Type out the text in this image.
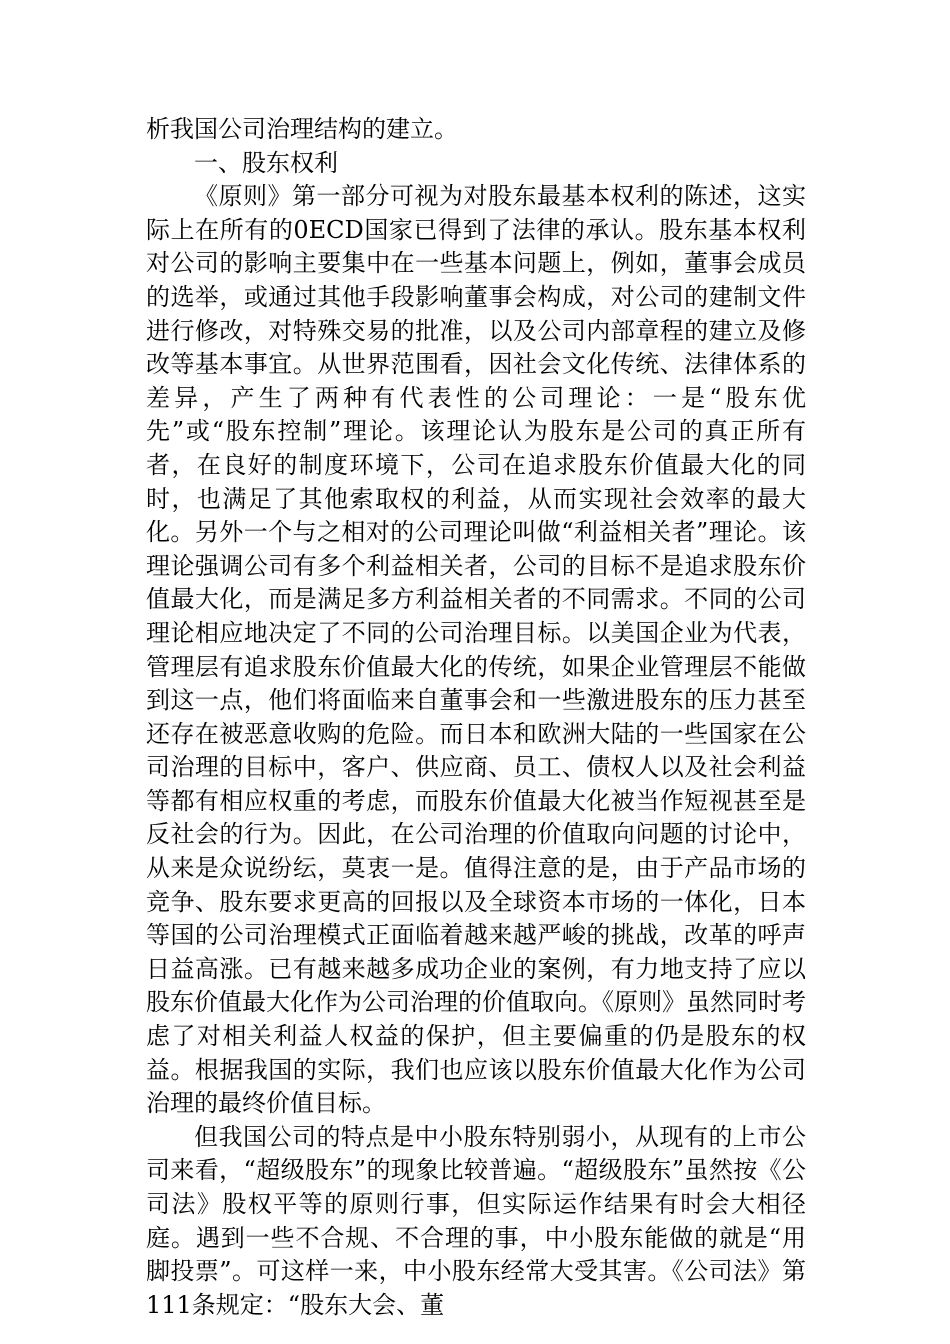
析我国公司治理结构的建立。

一、股东权利

《原则》第一部分可视为对股东最基本权利的陈述，这实际上在所有的0ECD国家已得到了法律的承认。股东基本权利对公司的影响主要集中在一些基本问题上，例如，董事会成员的选举，或通过其他手段影响董事会构成，对公司的建制文件进行修改，对特殊交易的批准，以及公司内部章程的建立及修改等基本事宜。从世界范围看，因社会文化传统、法律体系的差异，产生了两种有代表性的公司理论：一是“股东优先”或“股东控制”理论。该理论认为股东是公司的真正所有者，在良好的制度环境下，公司在追求股东价值最大化的同时，也满足了其他索取权的利益，从而实现社会效率的最大化。另外一个与之相对的公司理论叫做“利益相关者”理论。该理论强调公司有多个利益相关者，公司的目标不是追求股东价值最大化，而是满足多方利益相关者的不同需求。不同的公司理论相应地决定了不同的公司治理目标。以美国企业为代表，管理层有追求股东价值最大化的传统，如果企业管理层不能做到这一点，他们将面临来自董事会和一些激进股东的压力甚至还存在被恶意收购的危险。而日本和欧洲大陆的一些国家在公司治理的目标中，客户、供应商、员工、债权人以及社会利益等都有相应权重的考虑，而股东价值最大化被当作短视甚至是反社会的行为。因此，在公司治理的价值取向问题的讨论中，从来是众说纷纭，莫衷一是。值得注意的是，由于产品市场的竞争、股东要求更高的回报以及全球资本市场的一体化，日本等国的公司治理模式正面临着越来越严峻的挑战，改革的呼声日益高涨。已有越来越多成功企业的案例，有力地支持了应以股东价值最大化作为公司治理的价值取向。《原则》虽然同时考虑了对相关利益人权益的保护，但主要偏重的仍是股东的权益。根据我国的实际，我们也应该以股东价值最大化作为公司治理的最终价值目标。

但我国公司的特点是中小股东特别弱小，从现有的上市公司来看，“超级股东”的现象比较普遍。“超级股东”虽然按《公司法》股权平等的原则行事，但实际运作结果有时会大相径庭。遇到一些不合规、不合理的事，中小股东能做的就是“用脚投票”。可这样一来，中小股东经常大受其害。《公司法》第111条规定：“股东大会、董
